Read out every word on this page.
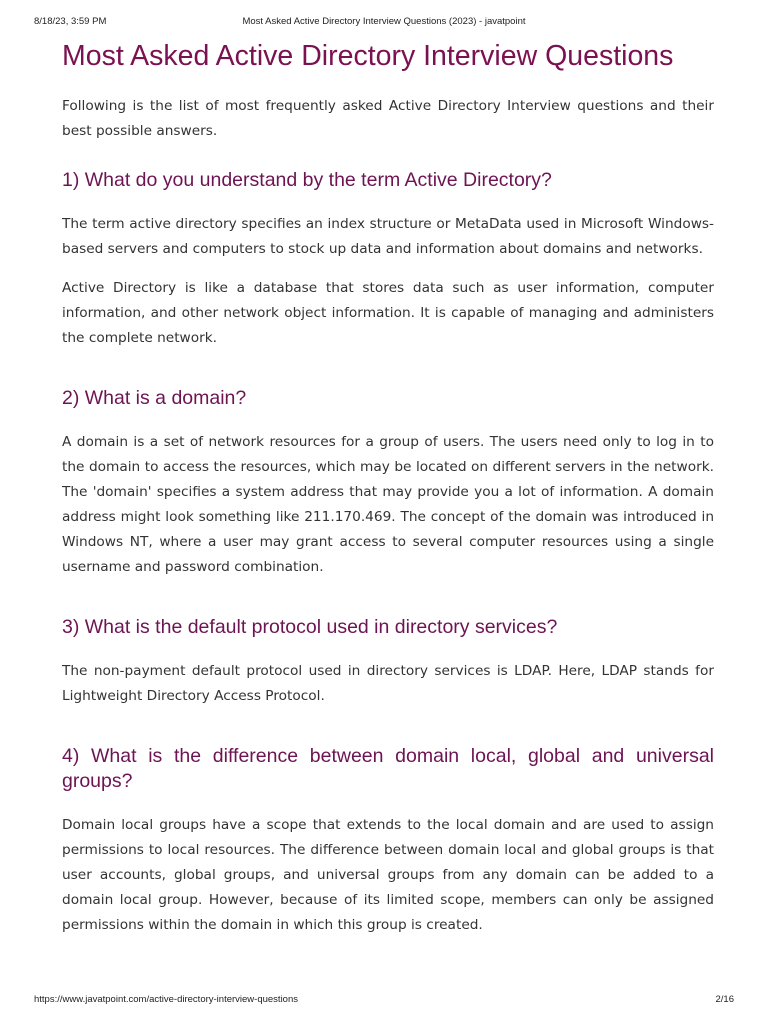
8/18/23, 3:59 PM	Most Asked Active Directory Interview Questions (2023) - javatpoint
Most Asked Active Directory Interview Questions

Following is the list of most frequently asked Active Directory Interview questions and their best possible answers.

1) What do you understand by the term Active Directory?

The term active directory specifies an index structure or MetaData used in Microsoft Windows-based servers and computers to stock up data and information about domains and networks.

Active Directory is like a database that stores data such as user information, computer information, and other network object information. It is capable of managing and administers the complete network.

2) What is a domain?

A domain is a set of network resources for a group of users. The users need only to log in to the domain to access the resources, which may be located on different servers in the network. The 'domain' specifies a system address that may provide you a lot of information. A domain address might look something like 211.170.469. The concept of the domain was introduced in Windows NT, where a user may grant access to several computer resources using a single username and password combination.

3) What is the default protocol used in directory services?

The non-payment default protocol used in directory services is LDAP. Here, LDAP stands for Lightweight Directory Access Protocol.

4) What is the difference between domain local, global and universal groups?

Domain local groups have a scope that extends to the local domain and are used to assign permissions to local resources. The difference between domain local and global groups is that user accounts, global groups, and universal groups from any domain can be added to a domain local group. However, because of its limited scope, members can only be assigned permissions within the domain in which this group is created.

https://www.javatpoint.com/active-directory-interview-questions	2/16
